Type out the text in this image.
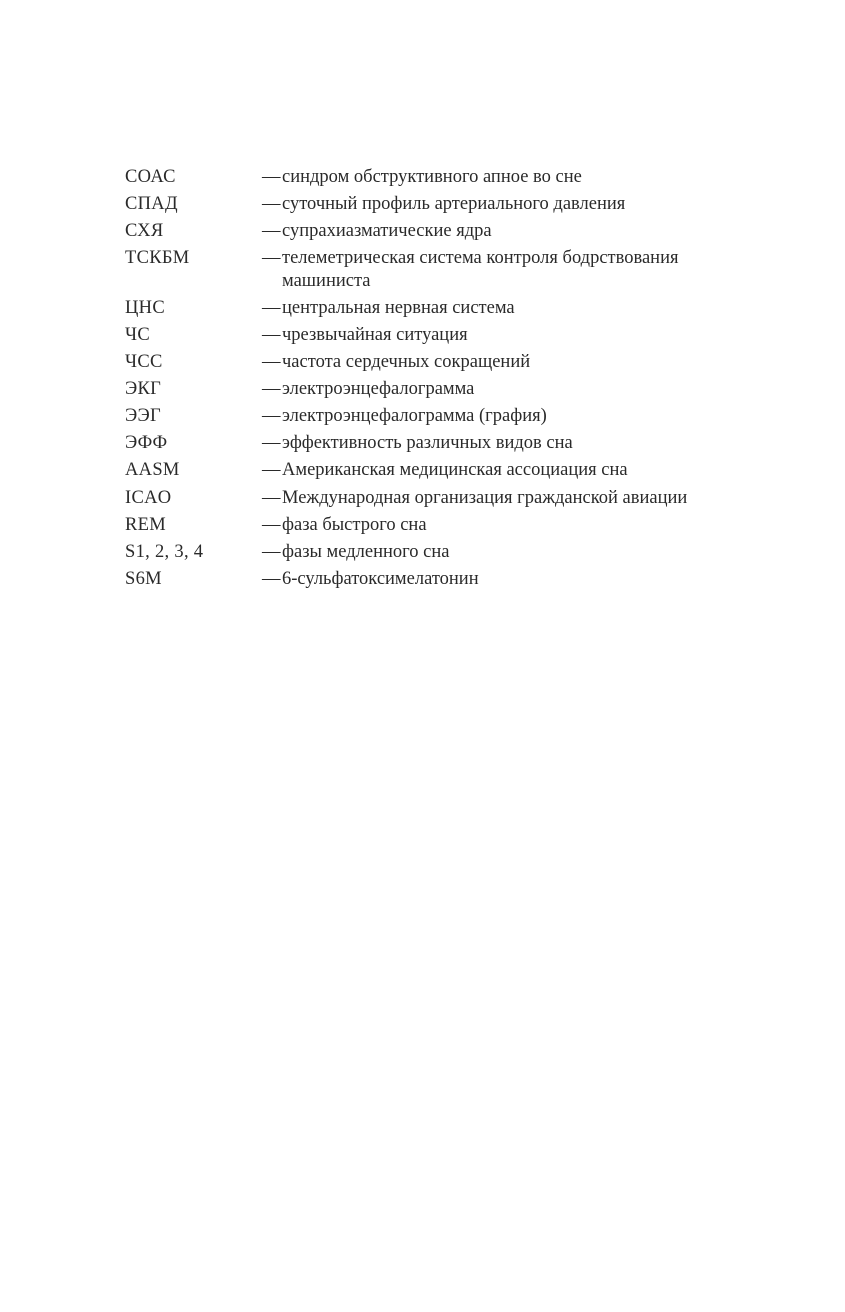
СОАС	— синдром обструктивного апное во сне
СПАД	— суточный профиль артериального давления
СХЯ	— супрахиазматические ядра
ТСКБМ	— телеметрическая система контроля бодрствования
машиниста
ЦНС	— центральная нервная система
ЧС	— чрезвычайная ситуация
ЧСС	— частота сердечных сокращений
ЭКГ	— электроэнцефалограмма
ЭЭГ	— электроэнцефалограмма (графия)
ЭФФ	— эффективность различных видов сна
AASM	— Американская медицинская ассоциация сна
ICAO	— Международная организация гражданской авиации
REM	— фаза быстрого сна
S1, 2, 3, 4	— фазы медленного сна
S6M	— 6-сульфатоксимелатонин
